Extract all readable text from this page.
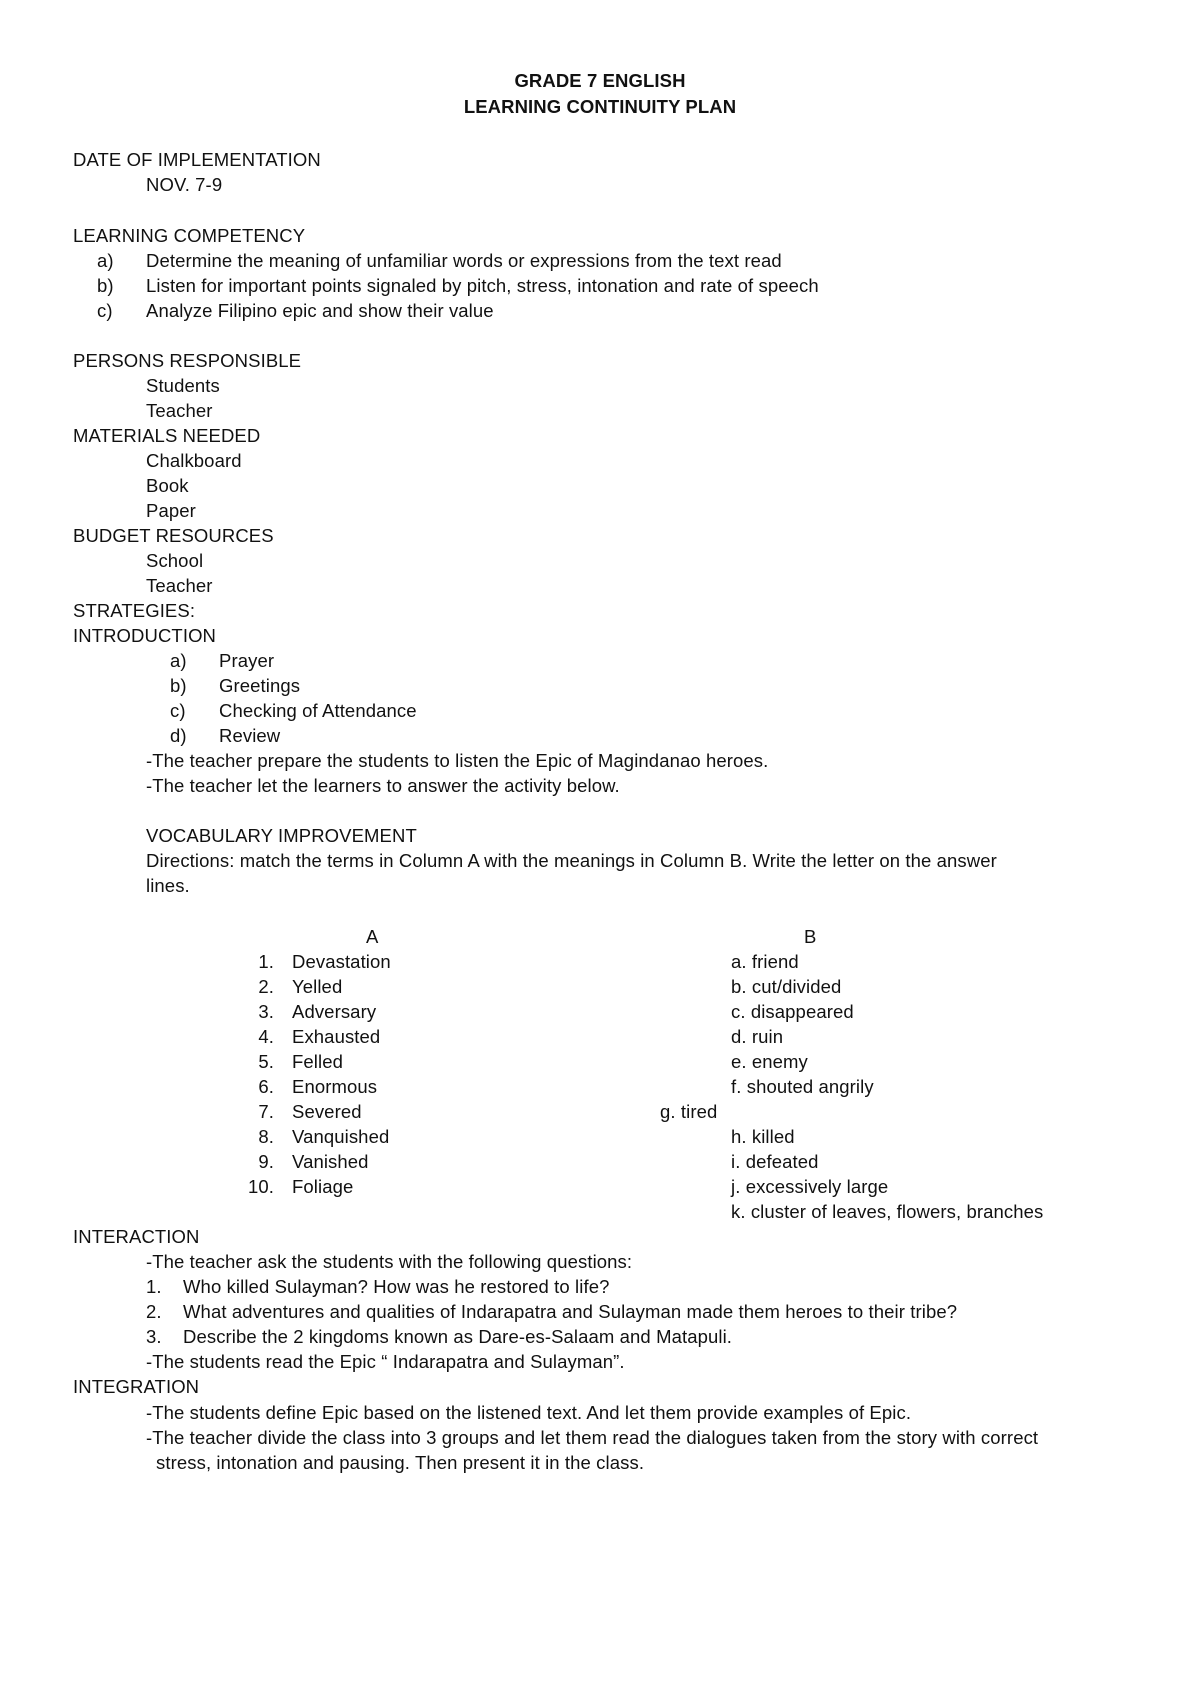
GRADE 7 ENGLISH
LEARNING CONTINUITY PLAN
DATE OF IMPLEMENTATION
NOV. 7-9
LEARNING COMPETENCY
a) Determine the meaning of unfamiliar words or expressions from the text read
b) Listen for important points signaled by pitch, stress, intonation and rate of speech
c) Analyze Filipino epic and show their value
PERSONS RESPONSIBLE
Students
Teacher
MATERIALS NEEDED
Chalkboard
Book
Paper
BUDGET RESOURCES
School
Teacher
STRATEGIES:
INTRODUCTION
a) Prayer
b) Greetings
c) Checking of Attendance
d) Review
-The teacher prepare the students to listen the Epic of Magindanao heroes.
-The teacher let the learners to answer the activity below.
VOCABULARY IMPROVEMENT
Directions: match the terms in Column A with the meanings in Column B. Write the letter on the answer
lines.
A	B
1. Devastation
2. Yelled
3. Adversary
4. Exhausted
5. Felled
6. Enormous
7. Severed
8. Vanquished
9. Vanished
10. Foliage
a. friend
b. cut/divided
c. disappeared
d. ruin
e. enemy
f. shouted angrily
g. tired
h. killed
i. defeated
j. excessively large
k. cluster of leaves, flowers, branches
INTERACTION
-The teacher ask the students with the following questions:
1. Who killed Sulayman? How was he restored to life?
2. What adventures and qualities of Indarapatra and Sulayman made them heroes to their tribe?
3. Describe the 2 kingdoms known as Dare-es-Salaam and Matapuli.
-The students read the Epic “ Indarapatra and Sulayman”.
INTEGRATION
-The students define Epic based on the listened text. And let them provide examples of Epic.
-The teacher divide the class into 3 groups and let them read the dialogues taken from the story with correct
stress, intonation and pausing. Then present it in the class.
